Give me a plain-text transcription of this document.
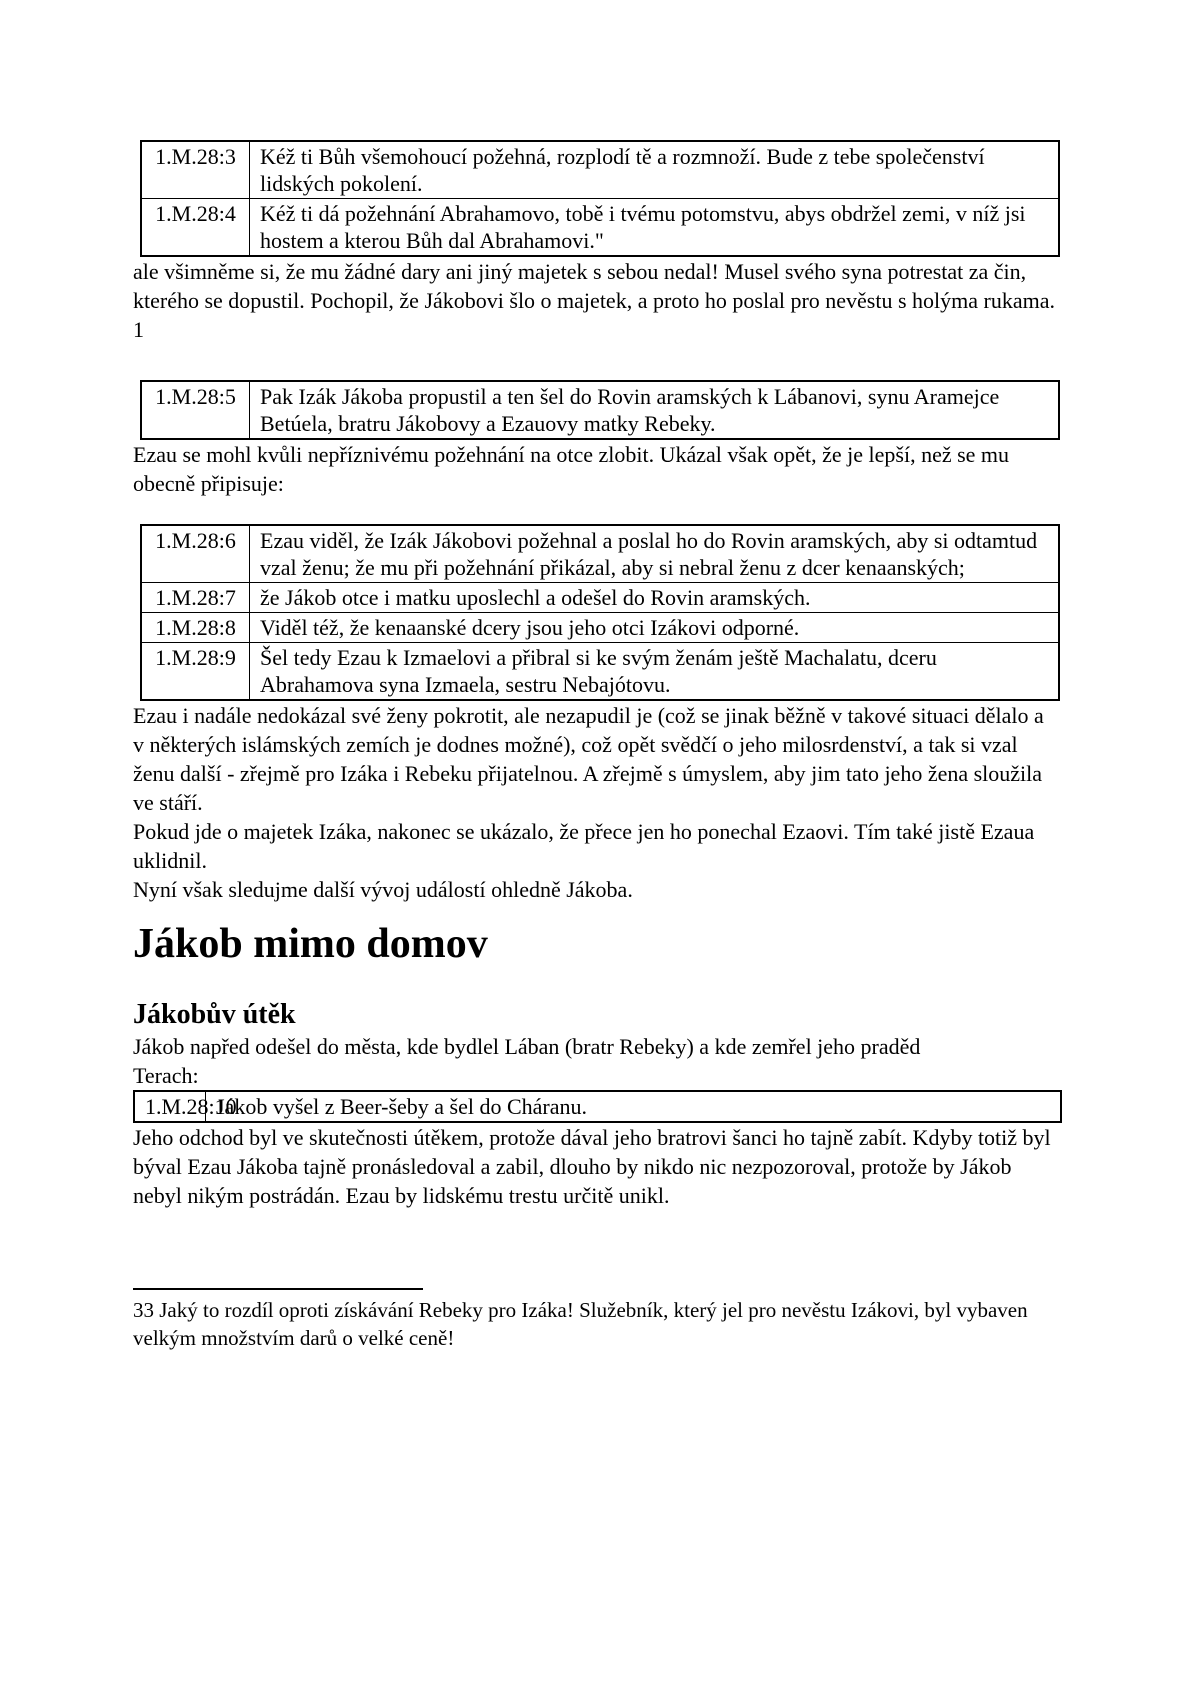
1.M.28:3	Kéž ti Bůh všemohoucí požehná, rozplodí tě a rozmnoží. Bude z tebe společenství lidských pokolení.
1.M.28:4	Kéž ti dá požehnání Abrahamovo, tobě i tvému potomstvu, abys obdržel zemi, v níž jsi hostem a kterou Bůh dal Abrahamovi."

ale všimněme si, že mu žádné dary ani jiný majetek s sebou nedal! Musel svého syna potrestat za čin, kterého se dopustil. Pochopil, že Jákobovi šlo o majetek, a proto ho poslal pro nevěstu s holýma rukama. 1

1.M.28:5	Pak Izák Jákoba propustil a ten šel do Rovin aramských k Lábanovi, synu Aramejce Betúela, bratru Jákobovy a Ezauovy matky Rebeky.

Ezau se mohl kvůli nepříznivému požehnání na otce zlobit. Ukázal však opět, že je lepší, než se mu obecně připisuje:

1.M.28:6	Ezau viděl, že Izák Jákobovi požehnal a poslal ho do Rovin aramských, aby si odtamtud vzal ženu; že mu při požehnání přikázal, aby si nebral ženu z dcer kenaanských;
1.M.28:7	že Jákob otce i matku uposlechl a odešel do Rovin aramských.
1.M.28:8	Viděl též, že kenaanské dcery jsou jeho otci Izákovi odporné.
1.M.28:9	Šel tedy Ezau k Izmaelovi a přibral si ke svým ženám ještě Machalatu, dceru Abrahamova syna Izmaela, sestru Nebajótovu.

Ezau i nadále nedokázal své ženy pokrotit, ale nezapudil je (což se jinak běžně v takové situaci dělalo a v některých islámských zemích je dodnes možné), což opět svědčí o jeho milosrdenství, a tak si vzal ženu další - zřejmě pro Izáka i Rebeku přijatelnou. A zřejmě s úmyslem, aby jim tato jeho žena sloužila ve stáří.

Pokud jde o majetek Izáka, nakonec se ukázalo, že přece jen ho ponechal Ezaovi. Tím také jistě Ezaua uklidnil.
Nyní však sledujme další vývoj událostí ohledně Jákoba.

Jákob mimo domov
Jákobův útěk

Jákob napřed odešel do města, kde bydlel Lában (bratr Rebeky) a kde zemřel jeho praděd
Terach:

1.M.28:10	Jákob vyšel z Beer-šeby a šel do Cháranu.

Jeho odchod byl ve skutečnosti útěkem, protože dával jeho bratrovi šanci ho tajně zabít. Kdyby totiž byl býval Ezau Jákoba tajně pronásledoval a zabil, dlouho by nikdo nic nezpozoroval, protože by Jákob nebyl nikým postrádán. Ezau by lidskému trestu určitě unikl.

33 Jaký to rozdíl oproti získávání Rebeky pro Izáka! Služebník, který jel pro nevěstu Izákovi, byl vybaven velkým množstvím darů o velké ceně!
